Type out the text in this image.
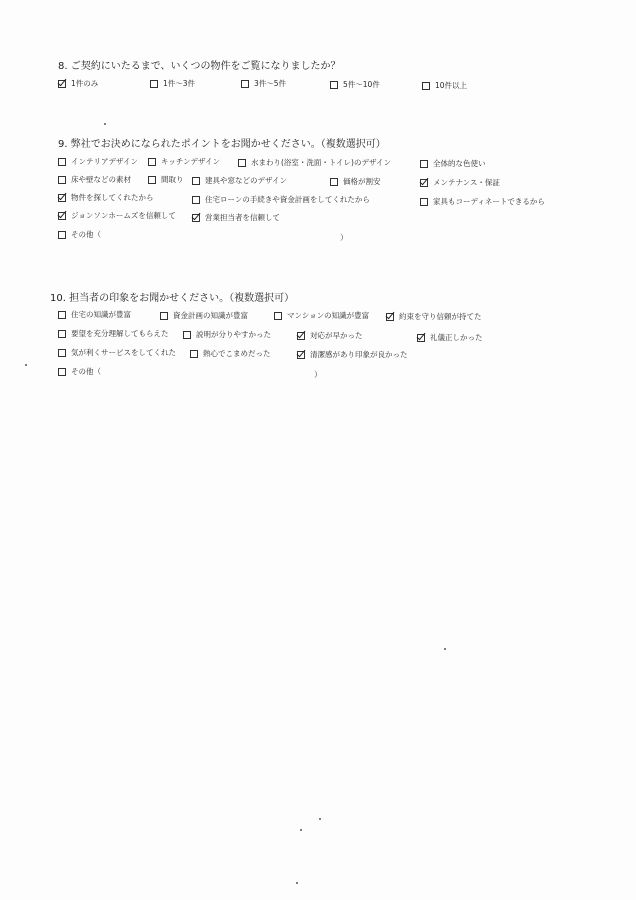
8. ご契約にいたるまで、いくつの物件をご覧になりましたか？
1件のみ	1件〜3件	3件〜5件	5件〜10件	10件以上
9. 弊社でお決めになられたポイントをお聞かせください。（複数選択可）
インテリアデザイン	キッチンデザイン	水まわり(浴室・洗面・トイレ)のデザイン	全体的な色使い
床や壁などの素材	間取り	建具や窓などのデザイン	価格が割安	メンテナンス・保証
物件を探してくれたから	住宅ローンの手続きや資金計画をしてくれたから	家具もコーディネートできるから
ジョンソンホームズを信頼して	営業担当者を信頼して
その他（	）
10. 担当者の印象をお聞かせください。（複数選択可）
住宅の知識が豊富	資金計画の知識が豊富	マンションの知識が豊富	約束を守り信頼が持てた
要望を充分理解してもらえた	説明が分りやすかった	対応が早かった	礼儀正しかった
気が利くサービスをしてくれた	熱心でこまめだった	清潔感があり印象が良かった
その他（	）
